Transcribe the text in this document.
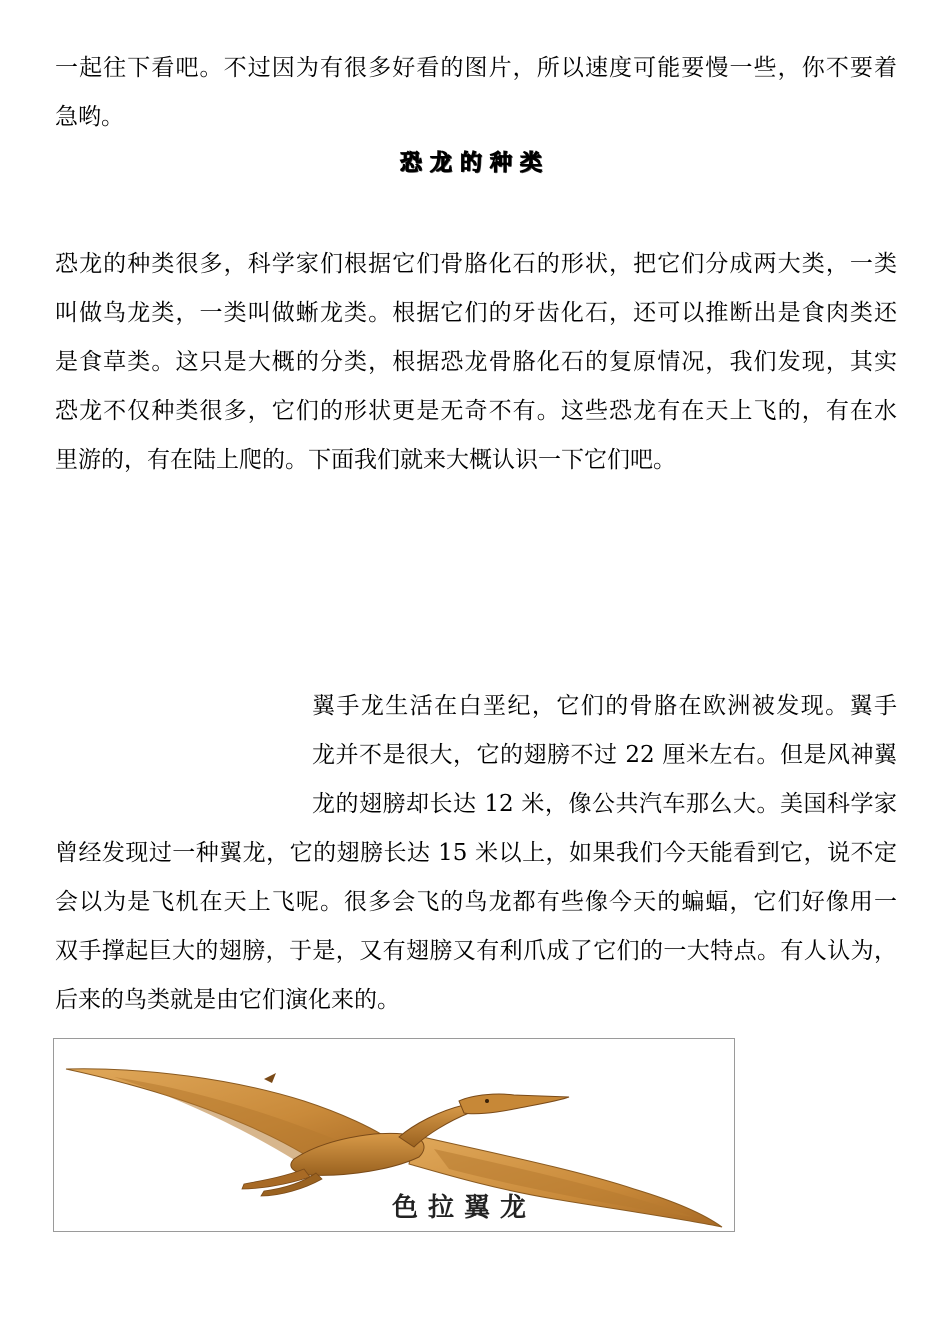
一起往下看吧。不过因为有很多好看的图片，所以速度可能要慢一些，你不要着
急哟。
恐龙的种类
恐龙的种类很多，科学家们根据它们骨胳化石的形状，把它们分成两大类，一类
叫做鸟龙类，一类叫做蜥龙类。根据它们的牙齿化石，还可以推断出是食肉类还
是食草类。这只是大概的分类，根据恐龙骨胳化石的复原情况，我们发现，其实
恐龙不仅种类很多，它们的形状更是无奇不有。这些恐龙有在天上飞的，有在水
里游的，有在陆上爬的。下面我们就来大概认识一下它们吧。
翼手龙生活在白垩纪，它们的骨胳在欧洲被发现。翼手
龙并不是很大，它的翅膀不过 22 厘米左右。但是风神翼
龙的翅膀却长达 12 米，像公共汽车那么大。美国科学家
曾经发现过一种翼龙，它的翅膀长达 15 米以上，如果我们今天能看到它，说不定
会以为是飞机在天上飞呢。很多会飞的鸟龙都有些像今天的蝙蝠，它们好像用一
双手撑起巨大的翅膀，于是，又有翅膀又有利爪成了它们的一大特点。有人认为，
后来的鸟类就是由它们演化来的。
色拉翼龙
